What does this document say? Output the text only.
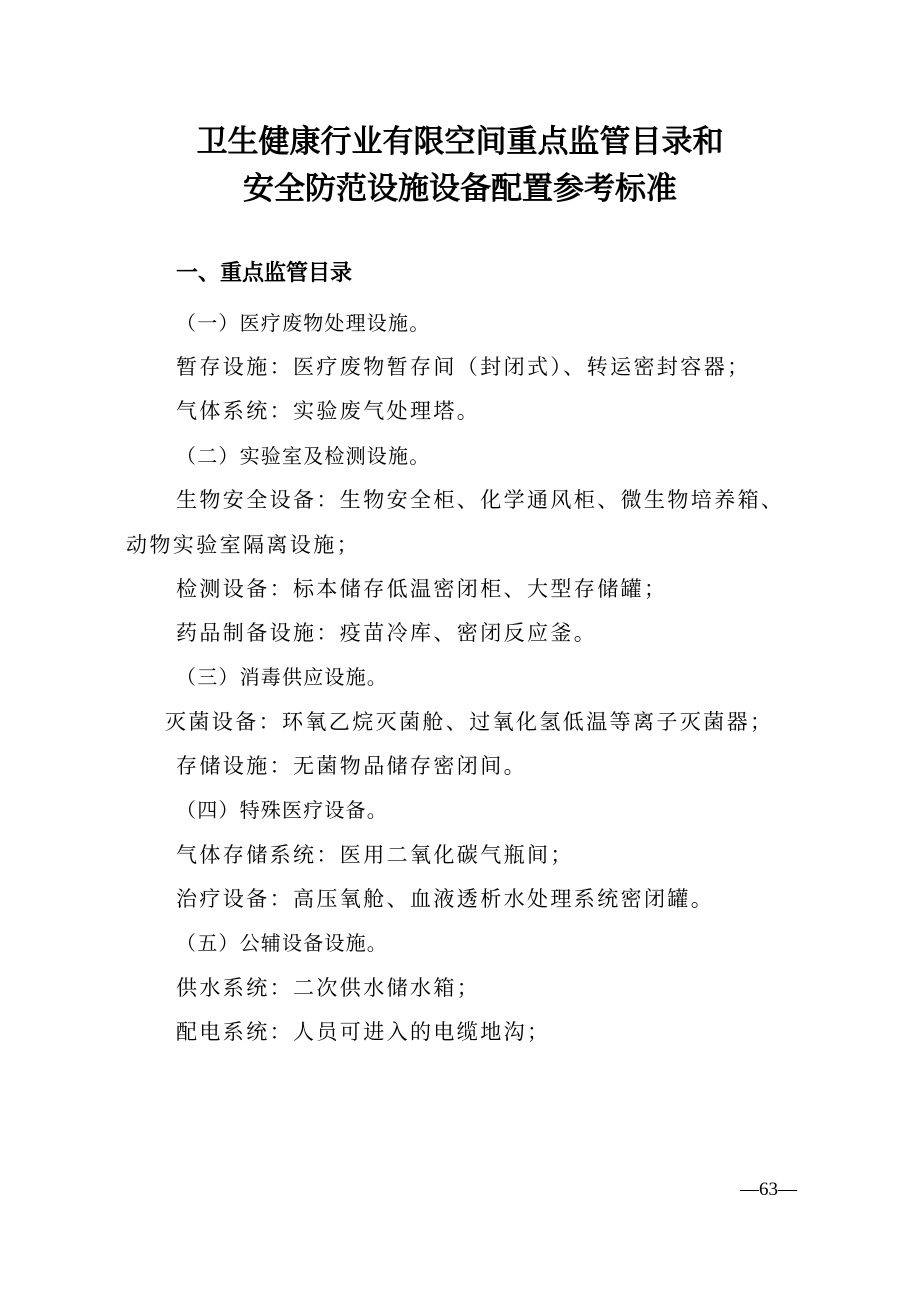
卫生健康行业有限空间重点监管目录和
安全防范设施设备配置参考标准
一、重点监管目录

（一）医疗废物处理设施。

暂存设施：医疗废物暂存间（封闭式）、转运密封容器；

气体系统：实验废气处理塔。

（二）实验室及检测设施。

生物安全设备：生物安全柜、化学通风柜、微生物培养箱、

动物实验室隔离设施；

检测设备：标本储存低温密闭柜、大型存储罐；

药品制备设施：疫苗冷库、密闭反应釜。

（三）消毒供应设施。

灭菌设备：环氧乙烷灭菌舱、过氧化氢低温等离子灭菌器；

存储设施：无菌物品储存密闭间。

（四）特殊医疗设备。

气体存储系统：医用二氧化碳气瓶间；

治疗设备：高压氧舱、血液透析水处理系统密闭罐。

（五）公辅设备设施。

供水系统：二次供水储水箱；

配电系统：人员可进入的电缆地沟；

—63—
